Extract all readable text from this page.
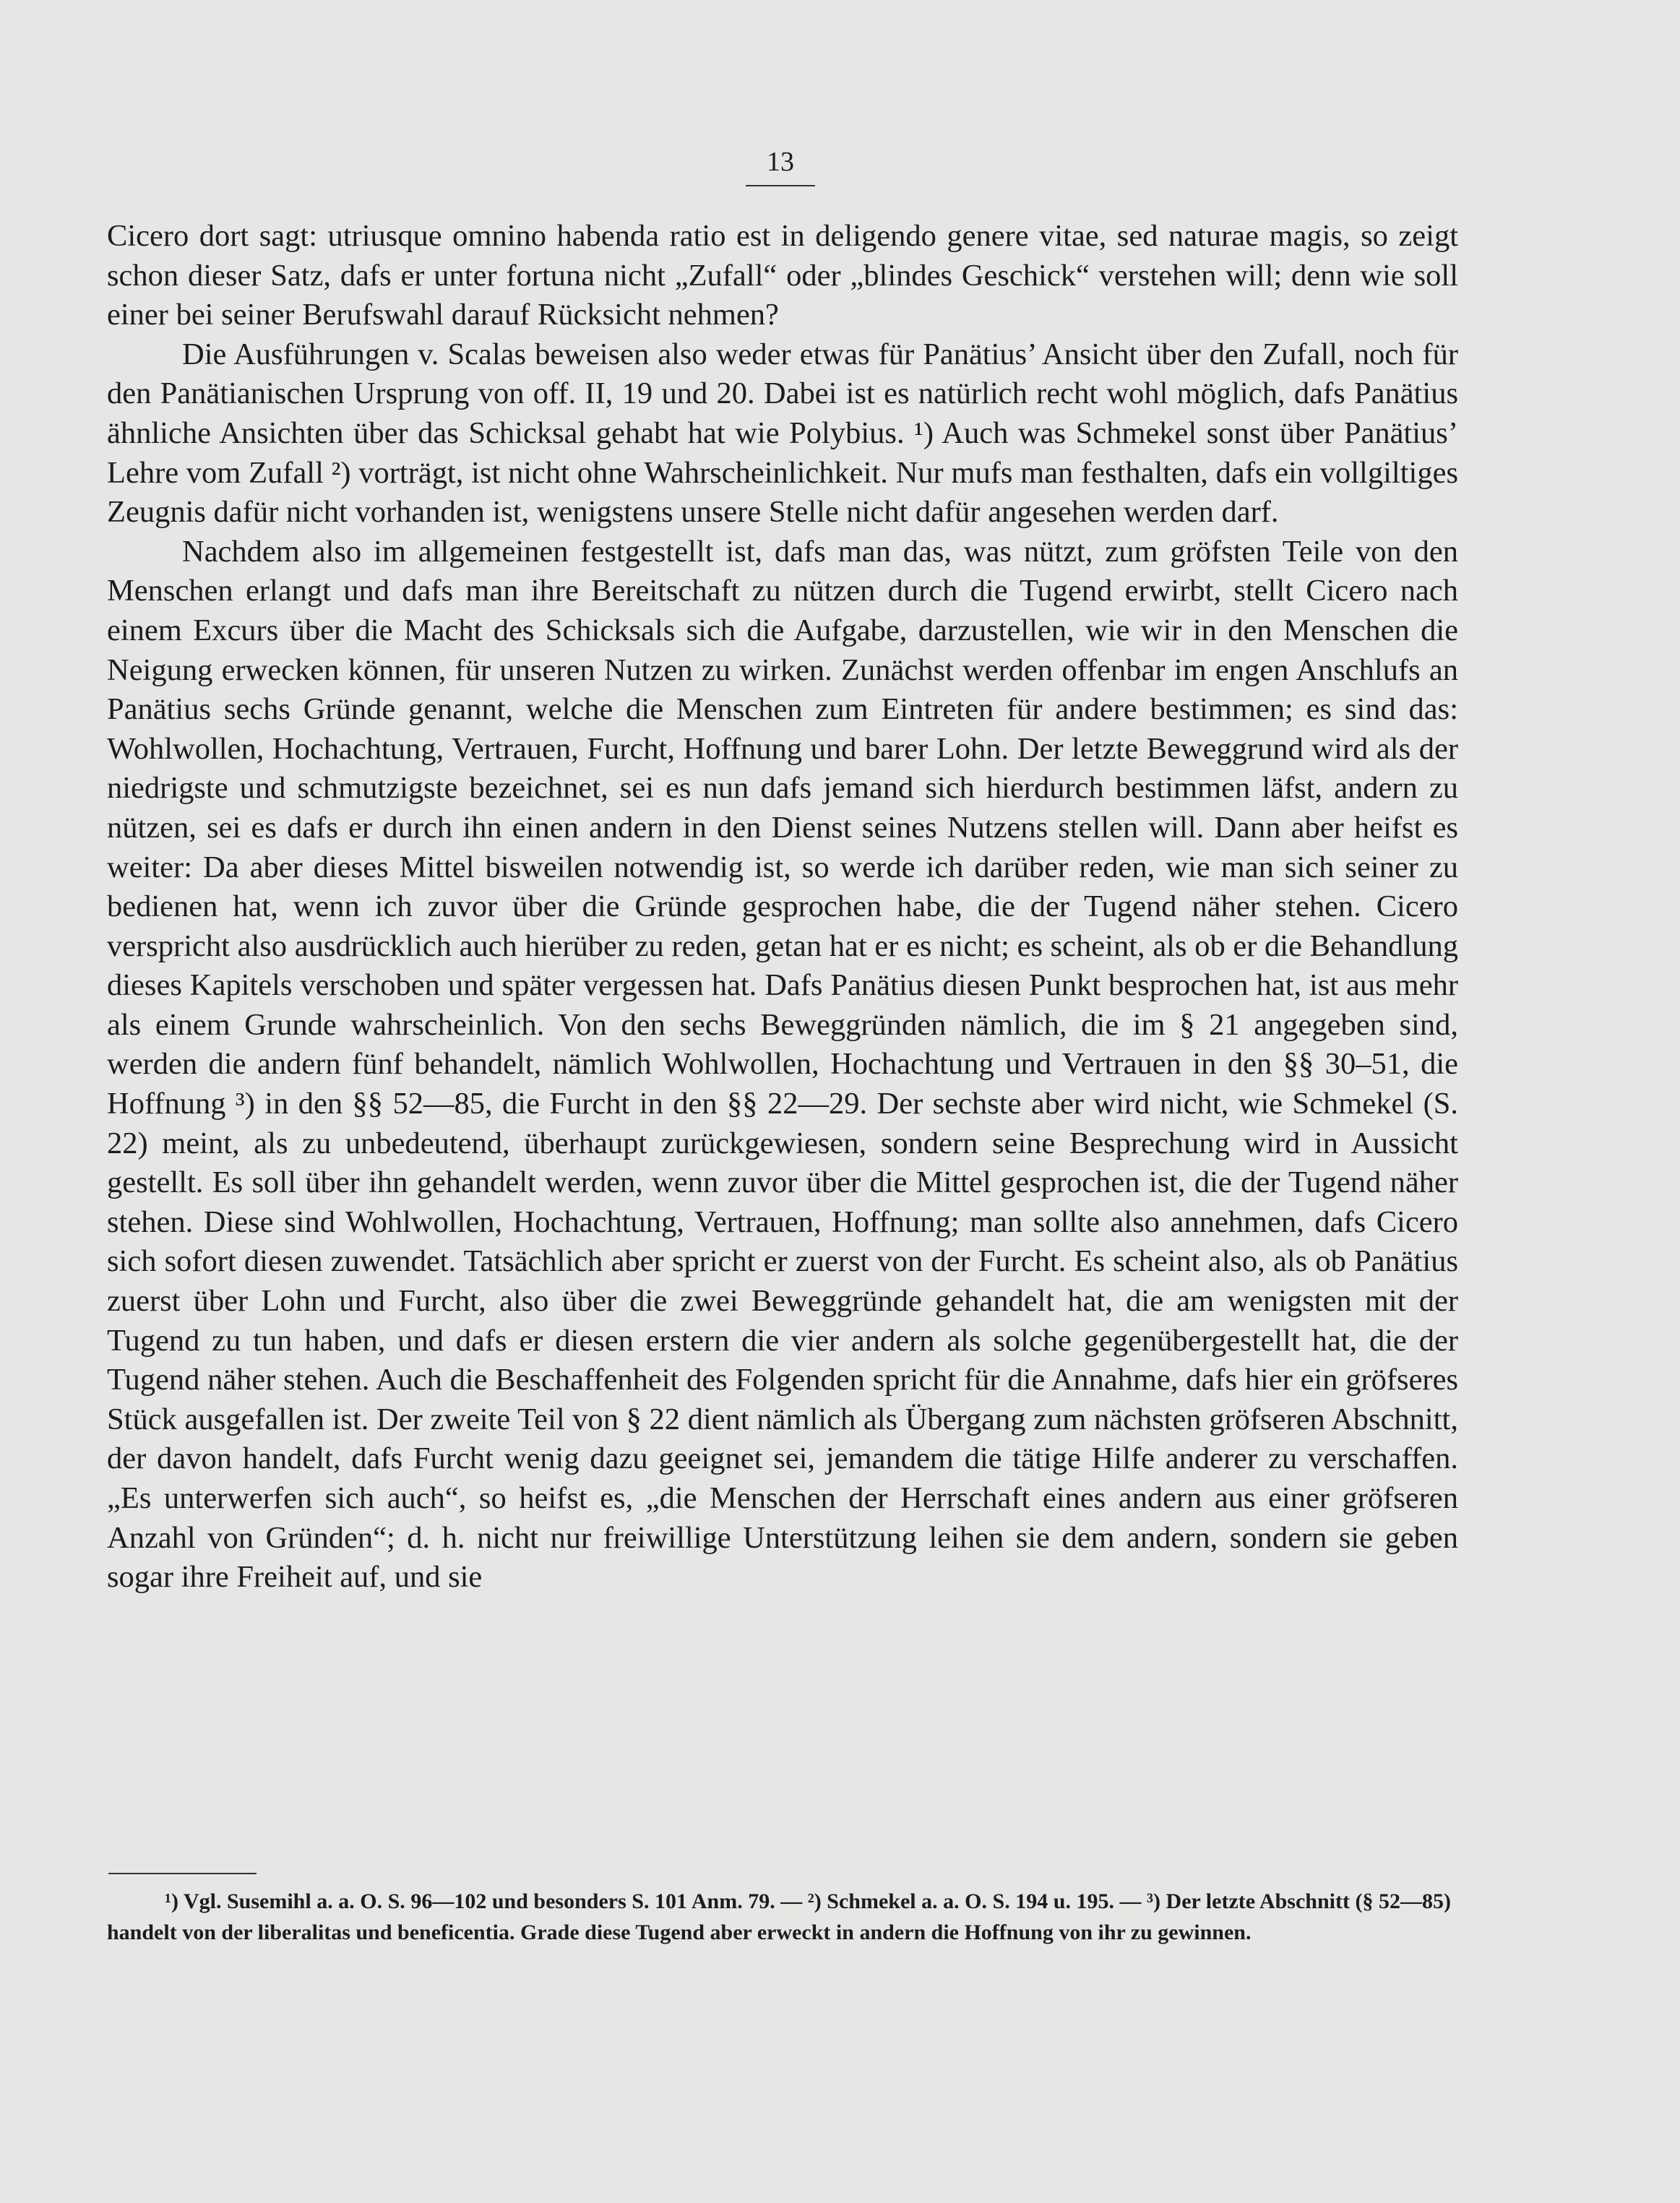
13

Cicero dort sagt: utriusque omnino habenda ratio est in deligendo genere vitae, sed naturae magis, so zeigt schon dieser Satz, dafs er unter fortuna nicht „Zufall“ oder „blindes Geschick“ verstehen will; denn wie soll einer bei seiner Berufswahl darauf Rücksicht nehmen?

Die Ausführungen v. Scalas beweisen also weder etwas für Panätius’ Ansicht über den Zufall, noch für den Panätianischen Ursprung von off. II, 19 und 20. Dabei ist es natürlich recht wohl möglich, dafs Panätius ähnliche Ansichten über das Schicksal gehabt hat wie Polybius. ¹) Auch was Schmekel sonst über Panätius’ Lehre vom Zufall ²) vorträgt, ist nicht ohne Wahrscheinlichkeit. Nur mufs man festhalten, dafs ein vollgiltiges Zeugnis dafür nicht vorhanden ist, wenigstens unsere Stelle nicht dafür angesehen werden darf.

Nachdem also im allgemeinen festgestellt ist, dafs man das, was nützt, zum gröfsten Teile von den Menschen erlangt und dafs man ihre Bereitschaft zu nützen durch die Tugend erwirbt, stellt Cicero nach einem Excurs über die Macht des Schicksals sich die Aufgabe, darzustellen, wie wir in den Menschen die Neigung erwecken können, für unseren Nutzen zu wirken. Zunächst werden offenbar im engen Anschlufs an Panätius sechs Gründe genannt, welche die Menschen zum Eintreten für andere bestimmen; es sind das: Wohlwollen, Hochachtung, Vertrauen, Furcht, Hoffnung und barer Lohn. Der letzte Beweggrund wird als der niedrigste und schmutzigste bezeichnet, sei es nun dafs jemand sich hierdurch bestimmen läfst, andern zu nützen, sei es dafs er durch ihn einen andern in den Dienst seines Nutzens stellen will. Dann aber heifst es weiter: Da aber dieses Mittel bisweilen notwendig ist, so werde ich darüber reden, wie man sich seiner zu bedienen hat, wenn ich zuvor über die Gründe gesprochen habe, die der Tugend näher stehen. Cicero verspricht also ausdrücklich auch hierüber zu reden, getan hat er es nicht; es scheint, als ob er die Behandlung dieses Kapitels verschoben und später vergessen hat. Dafs Panätius diesen Punkt besprochen hat, ist aus mehr als einem Grunde wahrscheinlich. Von den sechs Beweggründen nämlich, die im § 21 angegeben sind, werden die andern fünf behandelt, nämlich Wohlwollen, Hochachtung und Vertrauen in den §§ 30–51, die Hoffnung ³) in den §§ 52—85, die Furcht in den §§ 22—29. Der sechste aber wird nicht, wie Schmekel (S. 22) meint, als zu unbedeutend, überhaupt zurückgewiesen, sondern seine Besprechung wird in Aussicht gestellt. Es soll über ihn gehandelt werden, wenn zuvor über die Mittel gesprochen ist, die der Tugend näher stehen. Diese sind Wohlwollen, Hochachtung, Vertrauen, Hoffnung; man sollte also annehmen, dafs Cicero sich sofort diesen zuwendet. Tatsächlich aber spricht er zuerst von der Furcht. Es scheint also, als ob Panätius zuerst über Lohn und Furcht, also über die zwei Beweggründe gehandelt hat, die am wenigsten mit der Tugend zu tun haben, und dafs er diesen erstern die vier andern als solche gegenübergestellt hat, die der Tugend näher stehen. Auch die Beschaffenheit des Folgenden spricht für die Annahme, dafs hier ein gröfseres Stück ausgefallen ist. Der zweite Teil von § 22 dient nämlich als Übergang zum nächsten gröfseren Abschnitt, der davon handelt, dafs Furcht wenig dazu geeignet sei, jemandem die tätige Hilfe anderer zu verschaffen. „Es unterwerfen sich auch“, so heifst es, „die Menschen der Herrschaft eines andern aus einer gröfseren Anzahl von Gründen“; d. h. nicht nur freiwillige Unterstützung leihen sie dem andern, sondern sie geben sogar ihre Freiheit auf, und sie

¹) Vgl. Susemihl a. a. O. S. 96—102 und besonders S. 101 Anm. 79. — ²) Schmekel a. a. O. S. 194 u. 195. — ³) Der letzte Abschnitt (§ 52—85) handelt von der liberalitas und beneficentia. Grade diese Tugend aber erweckt in andern die Hoffnung von ihr zu gewinnen.
